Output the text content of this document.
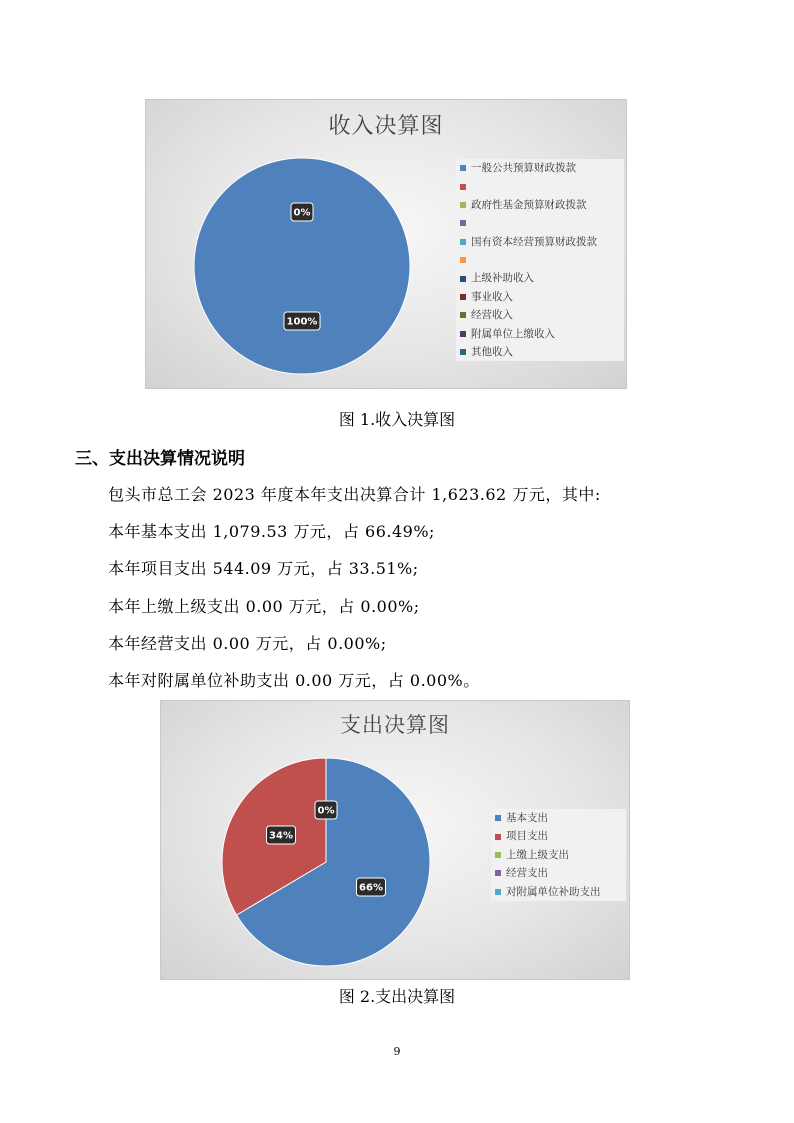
收入决算图
100%
0%
一般公共预算财政拨款
政府性基金预算财政拨款
国有资本经营预算财政拨款
上级补助收入
事业收入
经营收入
附属单位上缴收入
其他收入
图 1.收入决算图
三、支出决算情况说明
包头市总工会 2023 年度本年支出决算合计 1,623.62 万元，其中:
本年基本支出 1,079.53 万元，占 66.49%;
本年项目支出 544.09 万元，占 33.51%;
本年上缴上级支出 0.00 万元，占 0.00%;
本年经营支出 0.00 万元，占 0.00%;
本年对附属单位补助支出 0.00 万元，占 0.00%。
支出决算图
66%
34%
0%
基本支出
项目支出
上缴上级支出
经营支出
对附属单位补助支出
图 2.支出决算图
9
